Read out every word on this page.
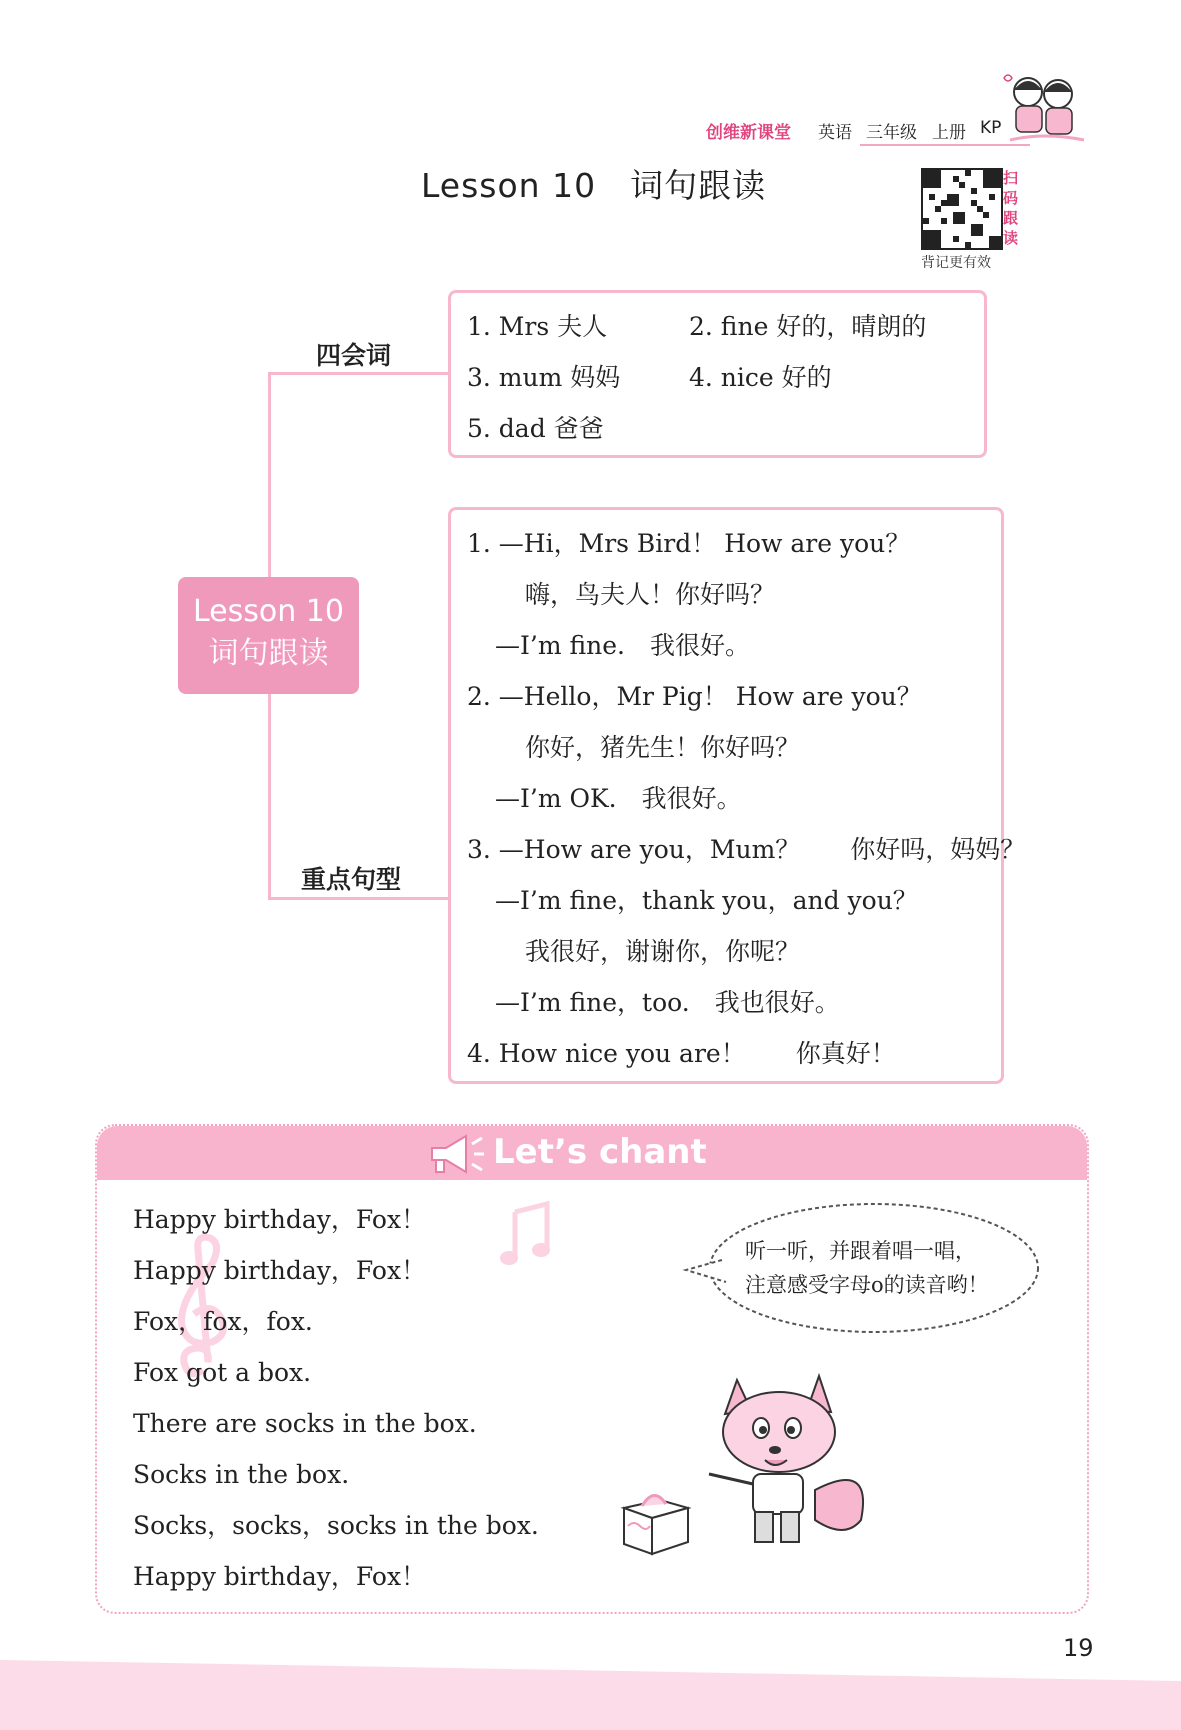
创维新课堂 英语 三年级 上册 KP
Lesson 10　词句跟读	扫码跟读
背记更有效
Lesson 10
词句跟读
四会词
重点句型
1. Mrs 夫人	2. fine 好的，晴朗的
3. mum 妈妈	4. nice 好的
5. dad 爸爸
1. —Hi，Mrs Bird！ How are you？
嗨，鸟夫人！你好吗？
—I’m fine.　我很好。
2. —Hello，Mr Pig！ How are you？
你好，猪先生！你好吗？
—I’m OK.　我很好。
3. —How are you，Mum？　　你好吗，妈妈？
—I’m fine，thank you，and you？
我很好，谢谢你，你呢？
—I’m fine，too.　我也很好。
4. How nice you are！　　你真好！
Let’s chant
Happy birthday，Fox！
Happy birthday，Fox！
Fox，fox，fox.
Fox got a box.
There are socks in the box.
Socks in the box.
Socks，socks，socks in the box.
Happy birthday，Fox！
听一听，并跟着唱一唱，
注意感受字母o的读音哟！
19
